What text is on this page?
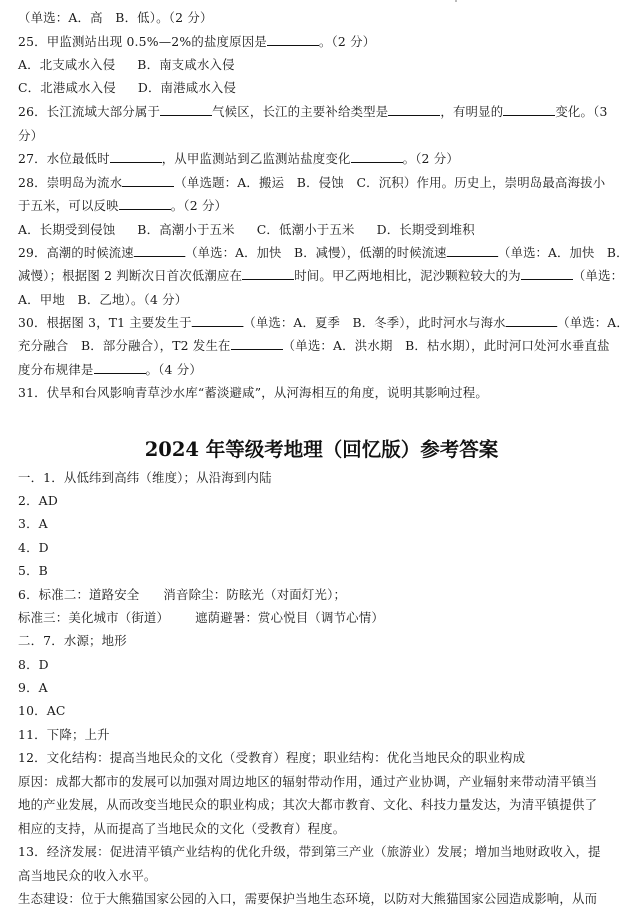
（单选：A．高　B．低）。（2 分）
25．甲监测站出现 0.5%—2%的盐度原因是	。（2 分）
A．北支咸水入侵 B．南支咸水入侵
C．北港咸水入侵 D．南港咸水入侵
26．长江流域大部分属于	气候区，长江的主要补给类型是	，有明显的	变化。（3
分）
27．水位最低时	，从甲监测站到乙监测站盐度变化	。（2 分）
28．崇明岛为流水	（单选题：A．搬运　B．侵蚀　C．沉积）作用。历史上，崇明岛最高海拔小
于五米，可以反映	。（2 分）
A．长期受到侵蚀 B．高潮小于五米 C．低潮小于五米 D．长期受到堆积
29．高潮的时候流速	（单选：A．加快　B．减慢），低潮的时候流速	（单选：A．加快　B．
减慢）；根据图 2 判断次日首次低潮应在	时间。甲乙两地相比，泥沙颗粒较大的为	（单选：
A．甲地　B．乙地）。（4 分）
30．根据图 3，T1 主要发生于	（单选：A．夏季　B．冬季），此时河水与海水	（单选：A．
充分融合　B．部分融合），T2 发生在	（单选：A．洪水期　B．枯水期），此时河口处河水垂直盐
度分布规律是	。（4 分）
31．伏旱和台风影响青草沙水库“蓄淡避咸”，从河海相互的角度，说明其影响过程。
2024 年等级考地理（回忆版）参考答案
一．1．从低纬到高纬（维度）；从沿海到内陆
2．AD
3．A
4．D
5．B
6．标准二：道路安全 消音除尘：防眩光（对面灯光）；
标准三：美化城市（街道） 遮荫避暑：赏心悦目（调节心情）
二．7．水源；地形
8．D
9．A
10．AC
11．下降；上升
12．文化结构：提高当地民众的文化（受教育）程度；职业结构：优化当地民众的职业构成
原因：成都大都市的发展可以加强对周边地区的辐射带动作用，通过产业协调，产业辐射来带动清平镇当
地的产业发展，从而改变当地民众的职业构成；其次大都市教育、文化、科技力量发达，为清平镇提供了
相应的支持，从而提高了当地民众的文化（受教育）程度。
13．经济发展：促进清平镇产业结构的优化升级，带到第三产业（旅游业）发展；增加当地财政收入，提
高当地民众的收入水平。
生态建设：位于大熊猫国家公园的入口，需要保护当地生态环境，以防对大熊猫国家公园造成影响，从而
